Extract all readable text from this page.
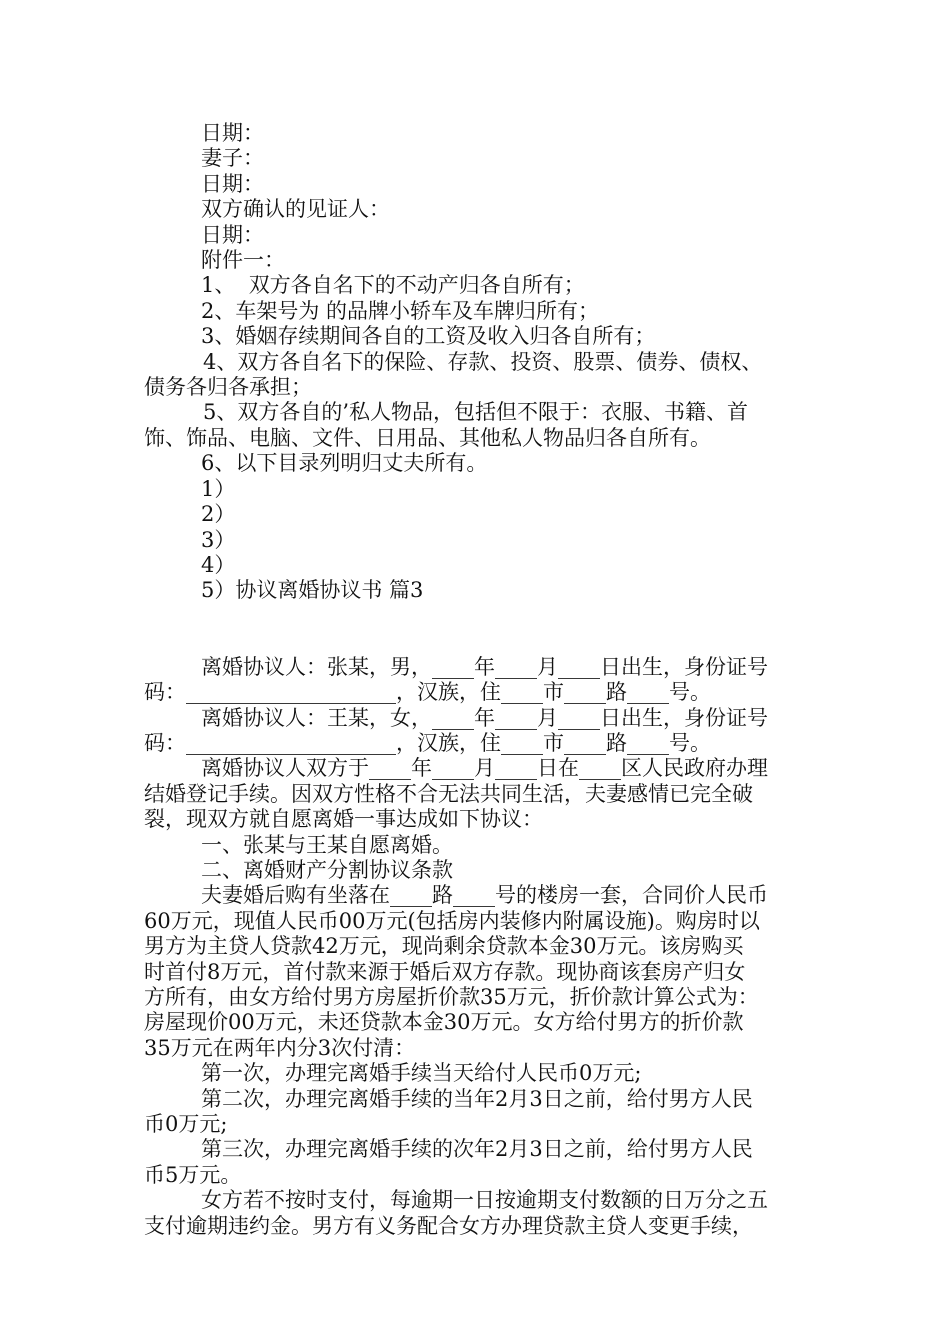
日期：
妻子：
日期：
双方确认的见证人：
日期：
附件一：
1、  双方各自名下的不动产归各自所有；
2、车架号为 的品牌小轿车及车牌归所有；
3、婚姻存续期间各自的工资及收入归各自所有；
4、双方各自名下的保险、存款、投资、股票、债券、债权、
债务各归各承担；
5、双方各自的’私人物品，包括但不限于：衣服、书籍、首
饰、饰品、电脑、文件、日用品、其他私人物品归各自所有。
6、以下目录列明归丈夫所有。
1）
2）
3）
4）
5）协议离婚协议书 篇3
离婚协议人：张某，男，____年____月____日出生，身份证号
码：____________________，汉族，住____市____路____号。
离婚协议人：王某，女，____年____月____日出生，身份证号
码：____________________，汉族，住____市____路____号。
离婚协议人双方于____年____月____日在____区人民政府办理
结婚登记手续。因双方性格不合无法共同生活，夫妻感情已完全破
裂，现双方就自愿离婚一事达成如下协议：
一、张某与王某自愿离婚。
二、离婚财产分割协议条款
夫妻婚后购有坐落在____路____号的楼房一套，合同价人民币
60万元，现值人民币00万元(包括房内装修内附属设施)。购房时以
男方为主贷人贷款42万元，现尚剩余贷款本金30万元。该房购买
时首付8万元，首付款来源于婚后双方存款。现协商该套房产归女
方所有，由女方给付男方房屋折价款35万元，折价款计算公式为：
房屋现价00万元，未还贷款本金30万元。女方给付男方的折价款
35万元在两年内分3次付清：
第一次，办理完离婚手续当天给付人民币0万元;
第二次，办理完离婚手续的当年2月3日之前，给付男方人民
币0万元;
第三次，办理完离婚手续的次年2月3日之前，给付男方人民
币5万元。
女方若不按时支付，每逾期一日按逾期支付数额的日万分之五
支付逾期违约金。男方有义务配合女方办理贷款主贷人变更手续，
